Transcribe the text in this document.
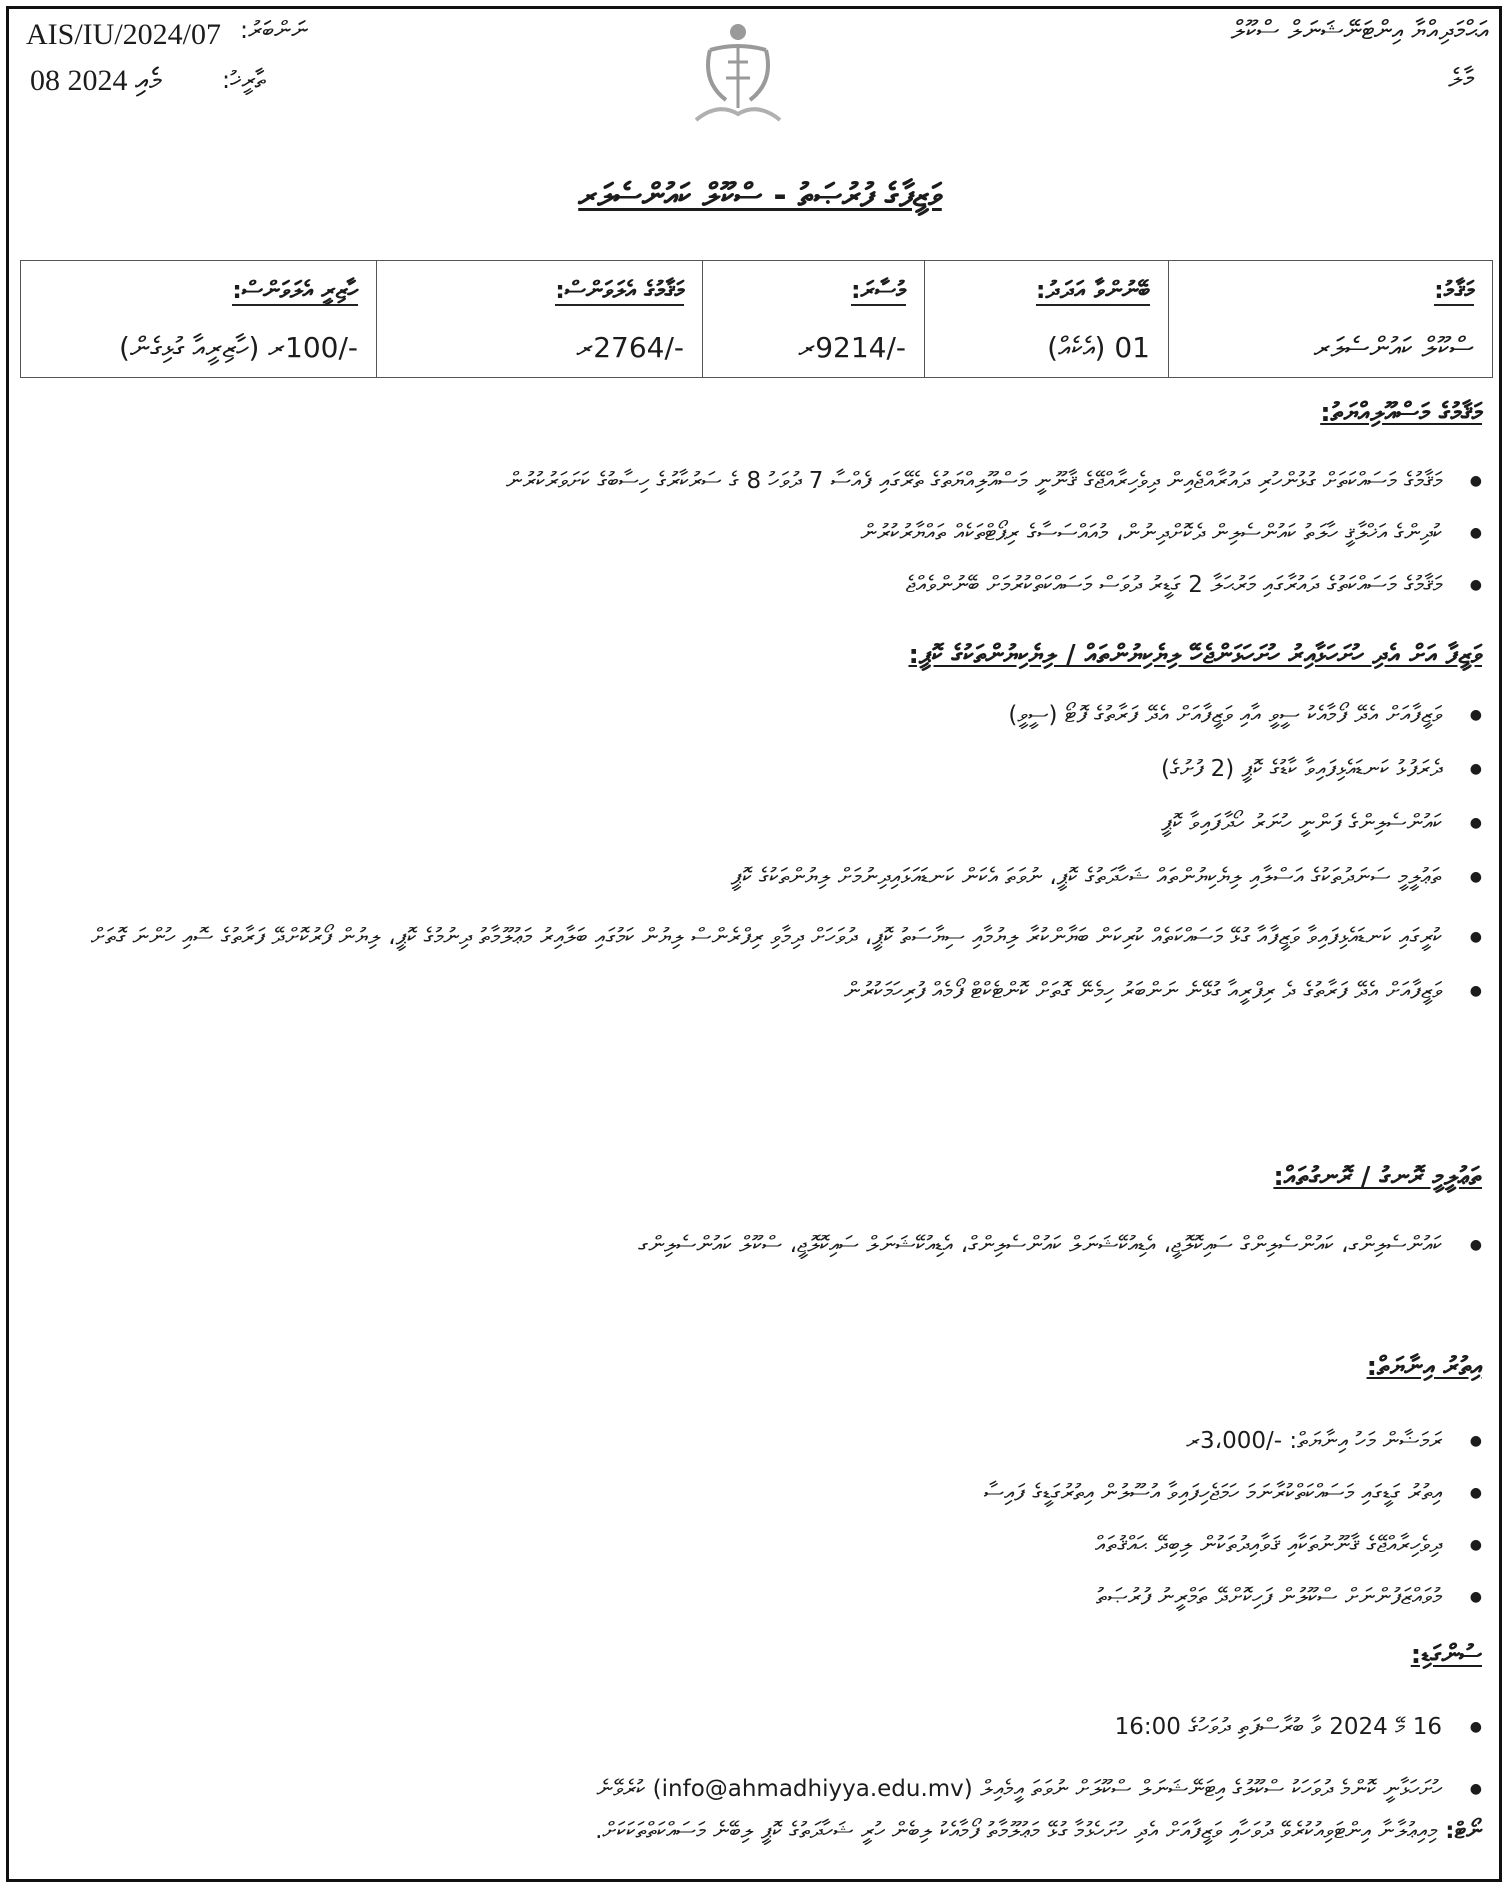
AIS/IU/2024/07 ނަންބަރު:
08 މެއި 2024 ތާރީޚު:
އަޙްމަދިއްޔާ އިންޓަނޭޝަނަލް ސްކޫލް
މާލެ
ވަޒީފާގެ ފުރުޞަތު - ސްކޫލް ކައުންސެލަރ
ހާޒިރީ އެލަވަންސް:	މަޤާމުގެ އެލަވަންސް:	މުސާރަ:	ބޭނުންވާ އަދަދު:	މަޤާމު:
-/100ރ (ހާޒިރީއާ ގުޅިގެން)	-/2764ރ	-/9214ރ	01 (އެކެއް)	ސްކޫލް ކައުންސެލަރ
މަޤާމުގެ މަސްއޫލިއްޔަތު:
● މަޤާމުގެ މަސައްކަތަށް ގުޅުންހުރި ދައުރާއްޖެއިން ދިވެހިރާއްޖޭގެ ޤާނޫނީ މަސްއޫލިއްޔަތުގެ ތެރޭގައި ފެއްސާ 7 ދުވަހު 8 ގެ ސަރުކާރުގެ ހިސާބުގެ ކަށަވަރުކުރުން
● ކުދިންގެ އަޚްލާޤީ ހާލަތު ކައުންސެލިން ދެކޮށްދިނުން، މުއައްސަސާގެ ރިޕޯޓްތަކެއް ތައްޔާރުކުރުން
● މަޤާމުގެ މަސައްކަތުގެ ދައުރާގައި މަރުޙަލާ 2 ގަޑީރު ދުވަސް މަސައްކަތްކުރުމަށް ބޭނުންވެއްޖެ
ވަޒީފާ އަށް އެދި ހުށަހަޅާއިރު ހުށަހަޅަންޖެހޭ ލިޔެކިޔުންތައް / ލިޔެކިޔުންތަކުގެ ކޮޕީ:
● ވަޒީފާއަށް އެދޭ ފޯމާއެކު ސީވީ އާއި ވަޒީފާއަށް އެދޭ ފަރާތުގެ ފޮޓޯ (ސީވީ)
● ދެރަފުޅު ކަނޑައެޅިފައިވާ ކާޑުގެ ކޮޕީ (2 ފުށުގެ)
● ކައުންސެލިންގެ ފަންނީ ހުނަރު ހޯދާފައިވާ ކޮޕީ
● ތަޢުލީމީ ސަނަދުތަކުގެ އަސްލާއި ލިޔެކިޔުންތައް ޝަހާދަތުގެ ކޮޕީ، ނުވަތަ އެކަން ކަނޑައަޅައިދިނުމަށް ލިޔުންތަކުގެ ކޮޕީ
● ކުރީގައި ކަނޑައެޅިފައިވާ ވަޒީފާއާ ގުޅޭ މަސައްކަތެއް ކުރިކަން ބަޔާންކުރާ ލިޔުމާއި ސިޔާސަތު ކޮޕީ، ދުވަހަށް ދިމާވި ރިފްރެންސް ލިޔުން ކަމުގައި ބަލާއިރު މަޢުލޫމާތު ދިނުމުގެ ކޮޕީ، ލިޔުން ފޯރުކޮށްދޭ ފަރާތުގެ ސޮއި ހުންނަ ގޮތަށް
● ވަޒީފާއަށް އެދޭ ފަރާތުގެ ދެ ރިފްރީއާ ގުޅޭނެ ނަންބަރު ހިމެނޭ ގޮތަށް ކޮންޓެކްޓް ފޯމެއް ފުރިހަމަކުރުން
ތަޢުލީމީ ރޮނގު / ރޮނގުތައް:
● ކައުންސެލިންގ، ކައުންސެލިންގް ސައިކޮލޮޖީ، އެޑިއުކޭޝަނަލް ކައުންސެލިންގް، އެޑިއުކޭޝަނަލް ސައިކޮލޮޖީ، ސްކޫލް ކައުންސެލިންގ
އިތުރު އިނާޔަތް:
● ރަމަޟާން މަހު އިނާޔަތް: -/3،000ރ
● އިތުރު ގަޑީގައި މަސައްކަތްކުރާނަމަ ހަމަޖެހިފައިވާ އުސޫލުން އިތުރުގަޑީގެ ފައިސާ
● ދިވެހިރާއްޖޭގެ ޤާނޫނުތަކާއި ޤަވާއިދުތަކުން ލިބިދޭ ޙައްޤުތައް
● މުވައްޒަފުންނަށް ސްކޫލުން ފަހިކޮށްދޭ ތަމްރީނު ފުރުޞަތު
ސުންގަޑި:
● 16 މޭ 2024 ވާ ބުރާސްފަތި ދުވަހުގެ 16:00
● ހުށަހަޅާނީ ކޮންމެ ދުވަހަކު ސްކޫލުގެ އިޓަނޭޝަނަލް ސްކޫލަށް ނުވަތަ އީމެއިލް (info@ahmadhiyya.edu.mv) ކުރެވޭނެ
ނޯޓް: މިއިޢުލާނާ އިންޓަވިއުކުރެވޭ ދުވަހާއި ވަޒީފާއަށް އެދި ހުށަހެޅުމާ ގުޅޭ މަޢުލޫމާތު ފޯމާއެކު ލިބެން ހުރީ ޝަހާދަތުގެ ކޮޕީ ލިބޭނެ މަސައްކަތްތަކަކަށް.
